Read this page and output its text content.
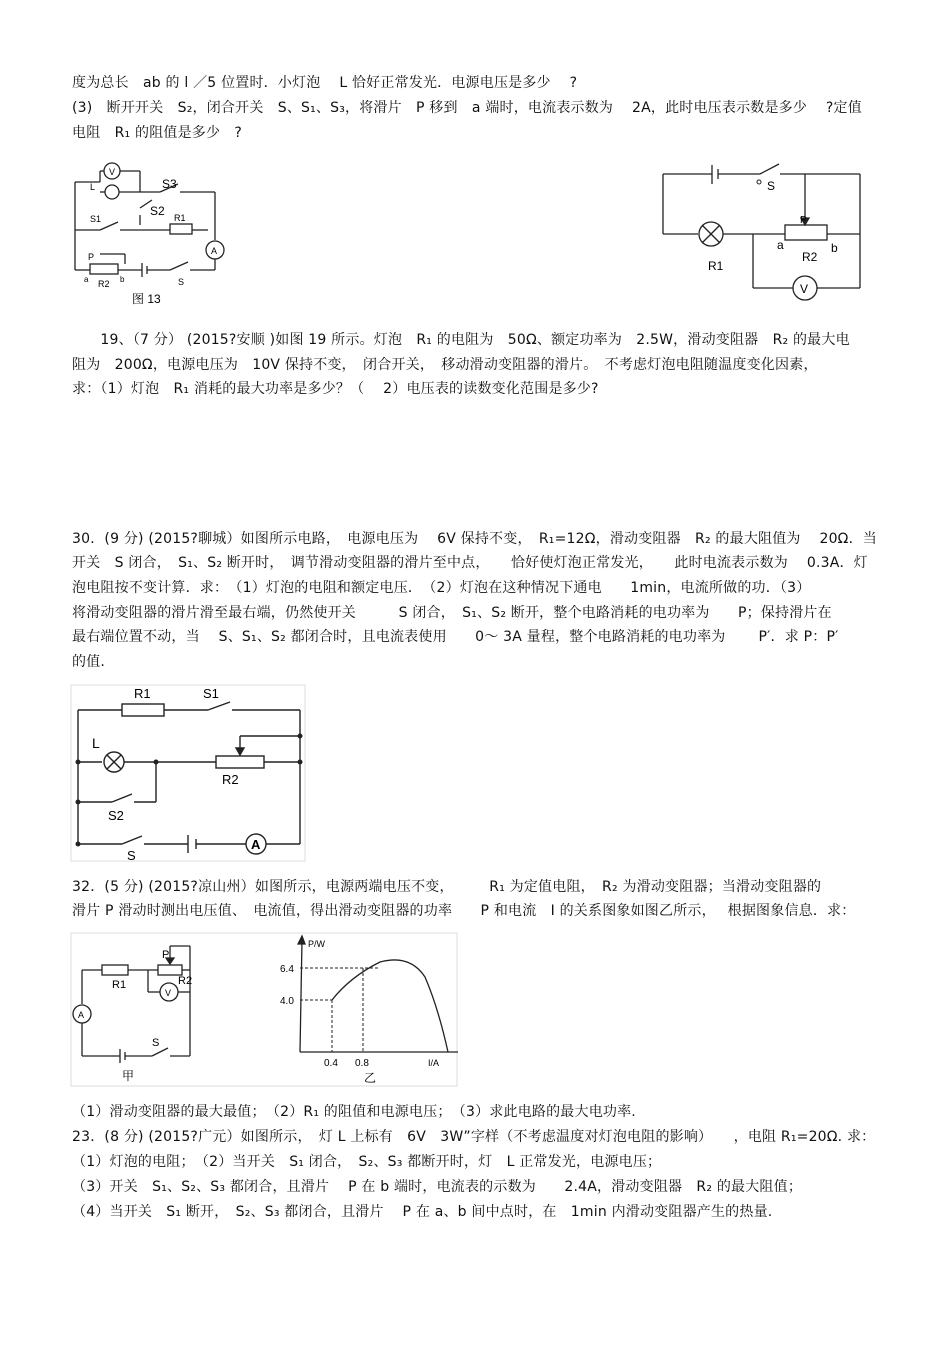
度为总长　ab 的 l ／5 位置时．小灯泡　 L 恰好正常发光．电源电压是多少　 ?
(3)　断开开关　S₂，闭合开关　S、S₁、S₃，将滑片　P 移到　a 端时，电流表示数为　 2A，此时电压表示数是多少　 ?定值
电阻　R₁ 的阻值是多少　?
　　19、（7 分） (2015?安顺 )如图 19 所示。灯泡　R₁ 的电阻为　50Ω、额定功率为　2.5W，滑动变阻器　R₂ 的最大电
阻为　200Ω，电源电压为　10V 保持不变，　闭合开关，　移动滑动变阻器的滑片。　不考虑灯泡电阻随温度变化因素，
求：（1）灯泡　R₁ 消耗的最大功率是多少？（　 2）电压表的读数变化范围是多少?
30．(9 分) (2015?聊城）如图所示电路，　电源电压为　 6V 保持不变，　R₁=12Ω，滑动变阻器　R₂ 的最大阻值为　 20Ω．当
开关　S 闭合，　S₁、S₂ 断开时，　调节滑动变阻器的滑片至中点，　　恰好使灯泡正常发光，　　此时电流表示数为　 0.3A．灯
泡电阻按不变计算．求：　（1）灯泡的电阻和额定电压．　（2）灯泡在这种情况下通电　　1min，电流所做的功．（3）
将滑动变阻器的滑片滑至最右端，仍然使开关　　　S 闭合，　S₁、S₂ 断开，整个电路消耗的电功率为　　P；保持滑片在
最右端位置不动，当　 S、S₁、S₂ 都闭合时，且电流表使用　　0～ 3A 量程，整个电路消耗的电功率为　　 P′．求 P：P′
的值.
32．(5 分) (2015?凉山州）如图所示，电源两端电压不变，　　　R₁ 为定值电阻，　R₂ 为滑动变阻器；当滑动变阻器的
滑片 P 滑动时测出电压值、　电流值，得出滑动变阻器的功率　　P 和电流　I 的关系图象如图乙所示，　 根据图象信息．求：
（1）滑动变阻器的最大最值；　（2）R₁ 的阻值和电源电压；　（3）求此电路的最大电功率.
23．(8 分) (2015?广元）如图所示，　灯 L 上标有　6V　3W”字样（不考虑温度对灯泡电阻的影响）　　，电阻 R₁=20Ω. 求：
（1）灯泡的电阻；　（2）当开关　S₁ 闭合，　S₂、S₃ 都断开时，灯　L 正常发光，电源电压；
（3）开关　S₁、S₂、S₃ 都闭合，且滑片　 P 在 b 端时，电流表的示数为　　2.4A，滑动变阻器　R₂ 的最大阻值；
（4）当开关　S₁ 断开，　S₂、S₃ 都闭合，且滑片　 P 在 a、b 间中点时，在　1min 内滑动变阻器产生的热量.
V
L	S3
S2
S1	R1
A
P
R2
a	b	S
图 13
S
P
a	b
R1
R2
V
R1	S1
L
R2
S2
S
A
A
R1
P
R2
V
S
甲
P/W
6.4
4.0
0.4 0.8	I/A
乙
